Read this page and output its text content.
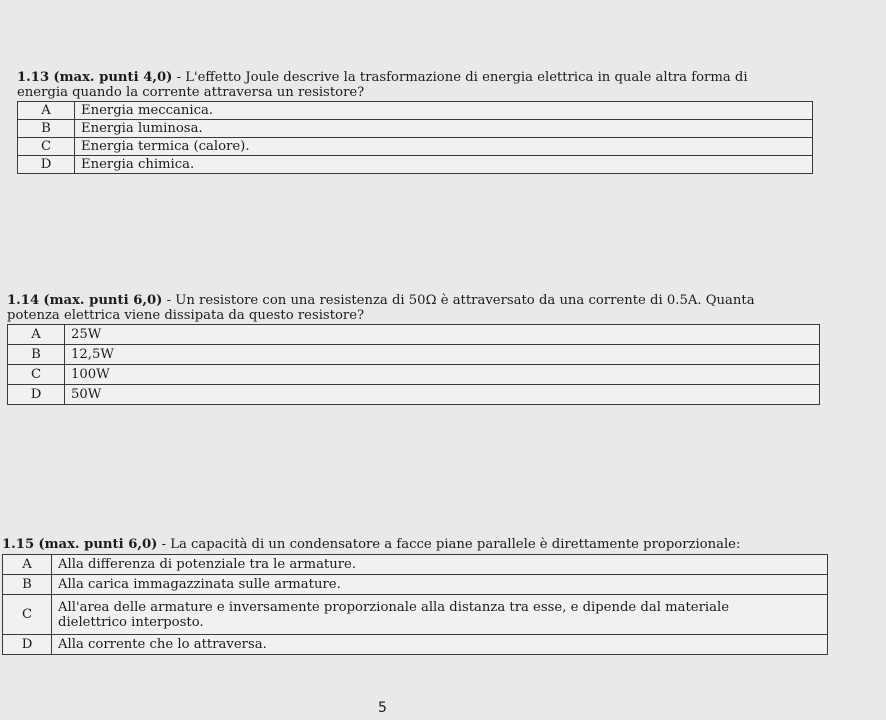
1.13 (max. punti 4,0) - L'effetto Joule descrive la trasformazione di energia elettrica in quale altra forma di
energia quando la corrente attraversa un resistore?
A	Energia meccanica.
B	Energia luminosa.
C	Energia termica (calore).
D	Energia chimica.
1.14 (max. punti 6,0) - Un resistore con una resistenza di 50Ω è attraversato da una corrente di 0.5A. Quanta
potenza elettrica viene dissipata da questo resistore?
A	25W
B	12,5W
C	100W
D	50W
1.15 (max. punti 6,0) - La capacità di un condensatore a facce piane parallele è direttamente proporzionale:
A	Alla differenza di potenziale tra le armature.
B	Alla carica immagazzinata sulle armature.
C	All'area delle armature e inversamente proporzionale alla distanza tra esse, e dipende dal materiale
dielettrico interposto.
D	Alla corrente che lo attraversa.
5
